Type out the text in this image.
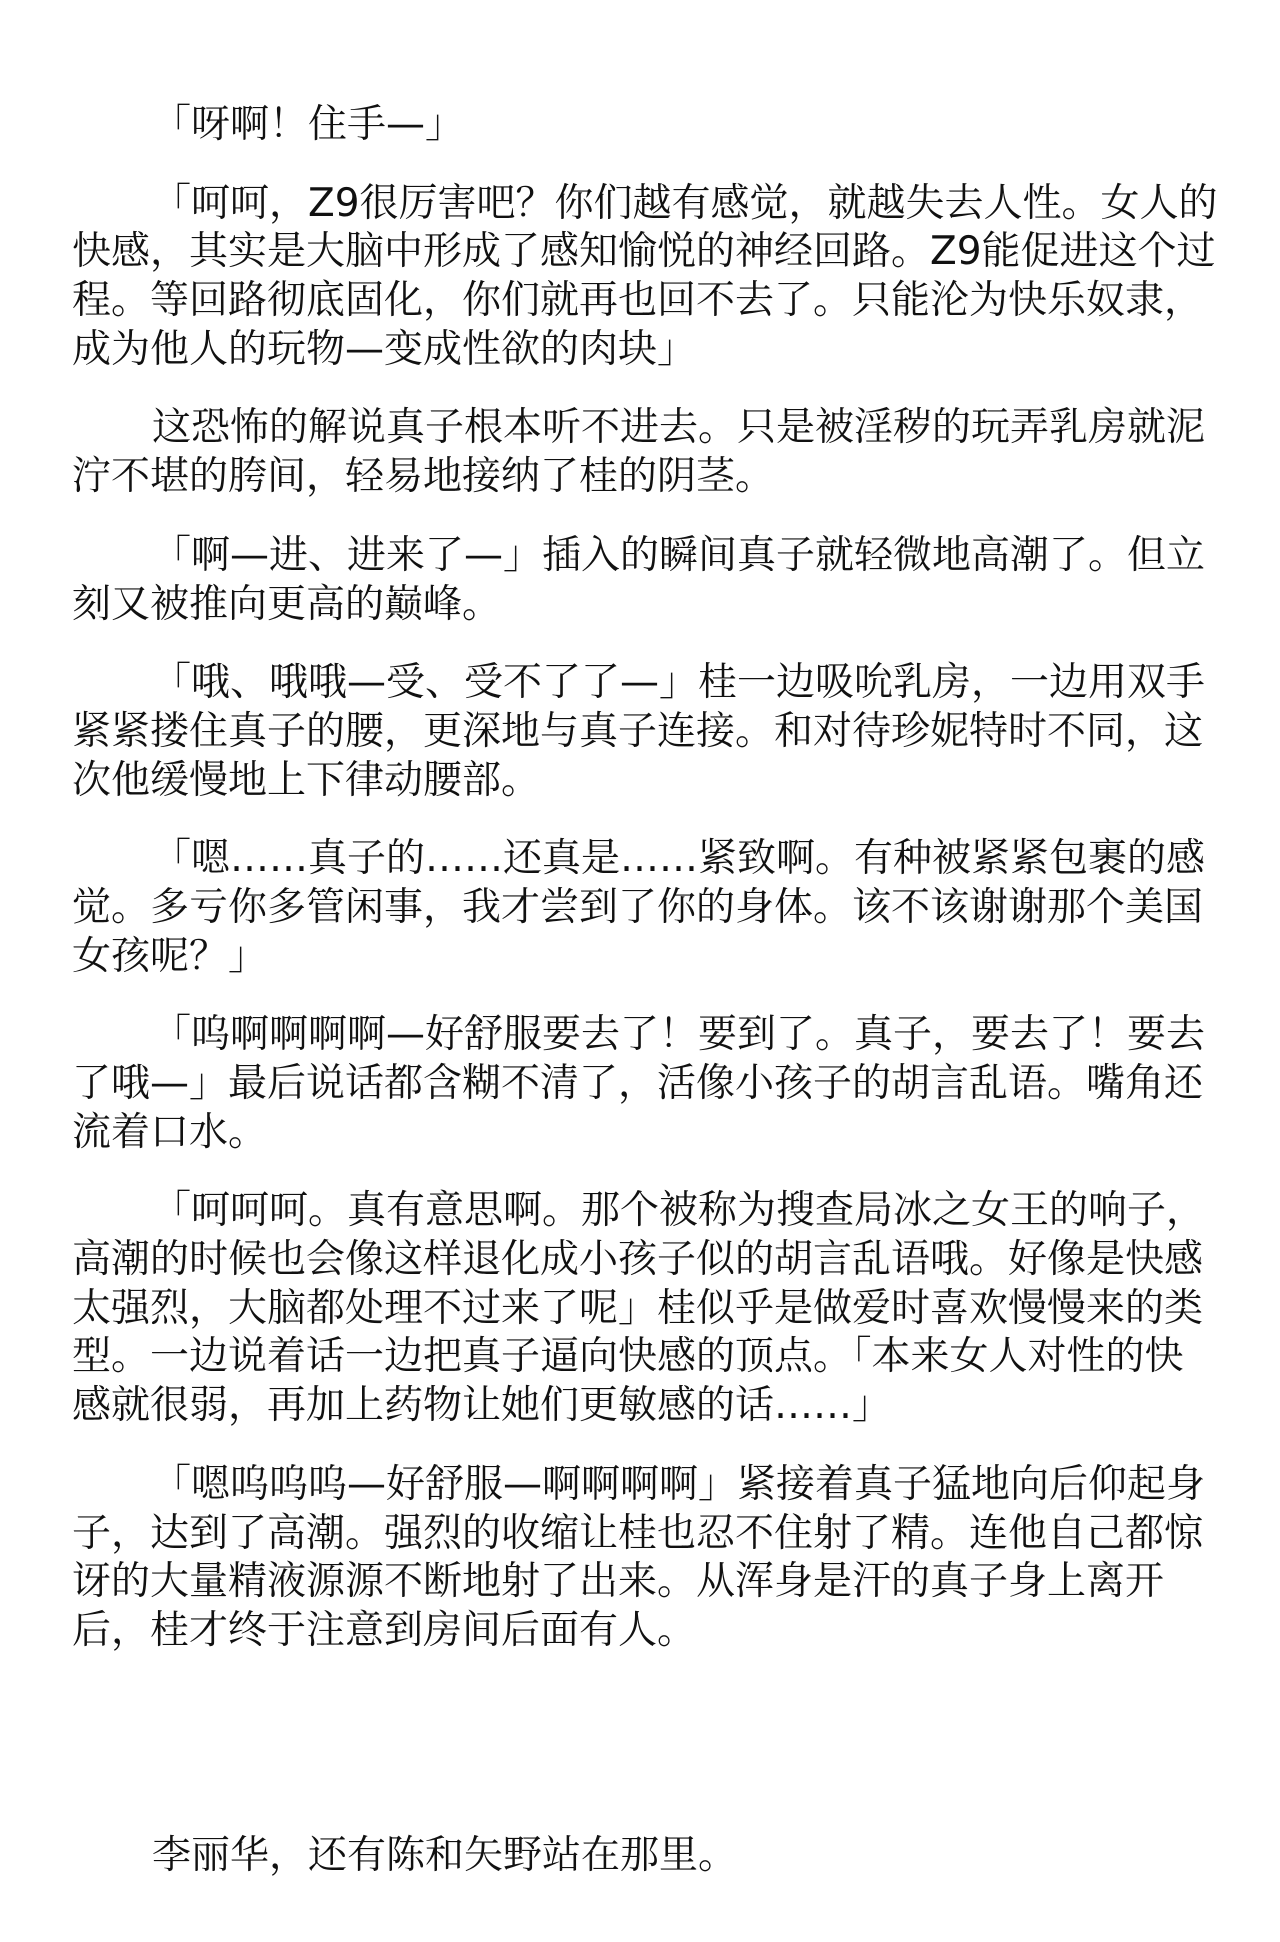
「呀啊！住手—」
「呵呵，Z9很厉害吧？你们越有感觉，就越失去人性。女人的
快感，其实是大脑中形成了感知愉悦的神经回路。Z9能促进这个过
程。等回路彻底固化，你们就再也回不去了。只能沦为快乐奴隶，
成为他人的玩物—变成性欲的肉块」
这恐怖的解说真子根本听不进去。只是被淫秽的玩弄乳房就泥
泞不堪的胯间，轻易地接纳了桂的阴茎。
「啊—进、进来了—」插入的瞬间真子就轻微地高潮了。但立
刻又被推向更高的巅峰。
「哦、哦哦—受、受不了了—」桂一边吸吮乳房，一边用双手
紧紧搂住真子的腰，更深地与真子连接。和对待珍妮特时不同，这
次他缓慢地上下律动腰部。
「嗯……真子的……还真是……紧致啊。有种被紧紧包裹的感
觉。多亏你多管闲事，我才尝到了你的身体。该不该谢谢那个美国
女孩呢？」
「呜啊啊啊啊—好舒服要去了！要到了。真子，要去了！要去
了哦—」最后说话都含糊不清了，活像小孩子的胡言乱语。嘴角还
流着口水。
「呵呵呵。真有意思啊。那个被称为搜查局冰之女王的响子，
高潮的时候也会像这样退化成小孩子似的胡言乱语哦。好像是快感
太强烈，大脑都处理不过来了呢」桂似乎是做爱时喜欢慢慢来的类
型。一边说着话一边把真子逼向快感的顶点。「本来女人对性的快
感就很弱，再加上药物让她们更敏感的话……」
「嗯呜呜呜—好舒服—啊啊啊啊」紧接着真子猛地向后仰起身
子，达到了高潮。强烈的收缩让桂也忍不住射了精。连他自己都惊
讶的大量精液源源不断地射了出来。从浑身是汗的真子身上离开
后，桂才终于注意到房间后面有人。
李丽华，还有陈和矢野站在那里。
